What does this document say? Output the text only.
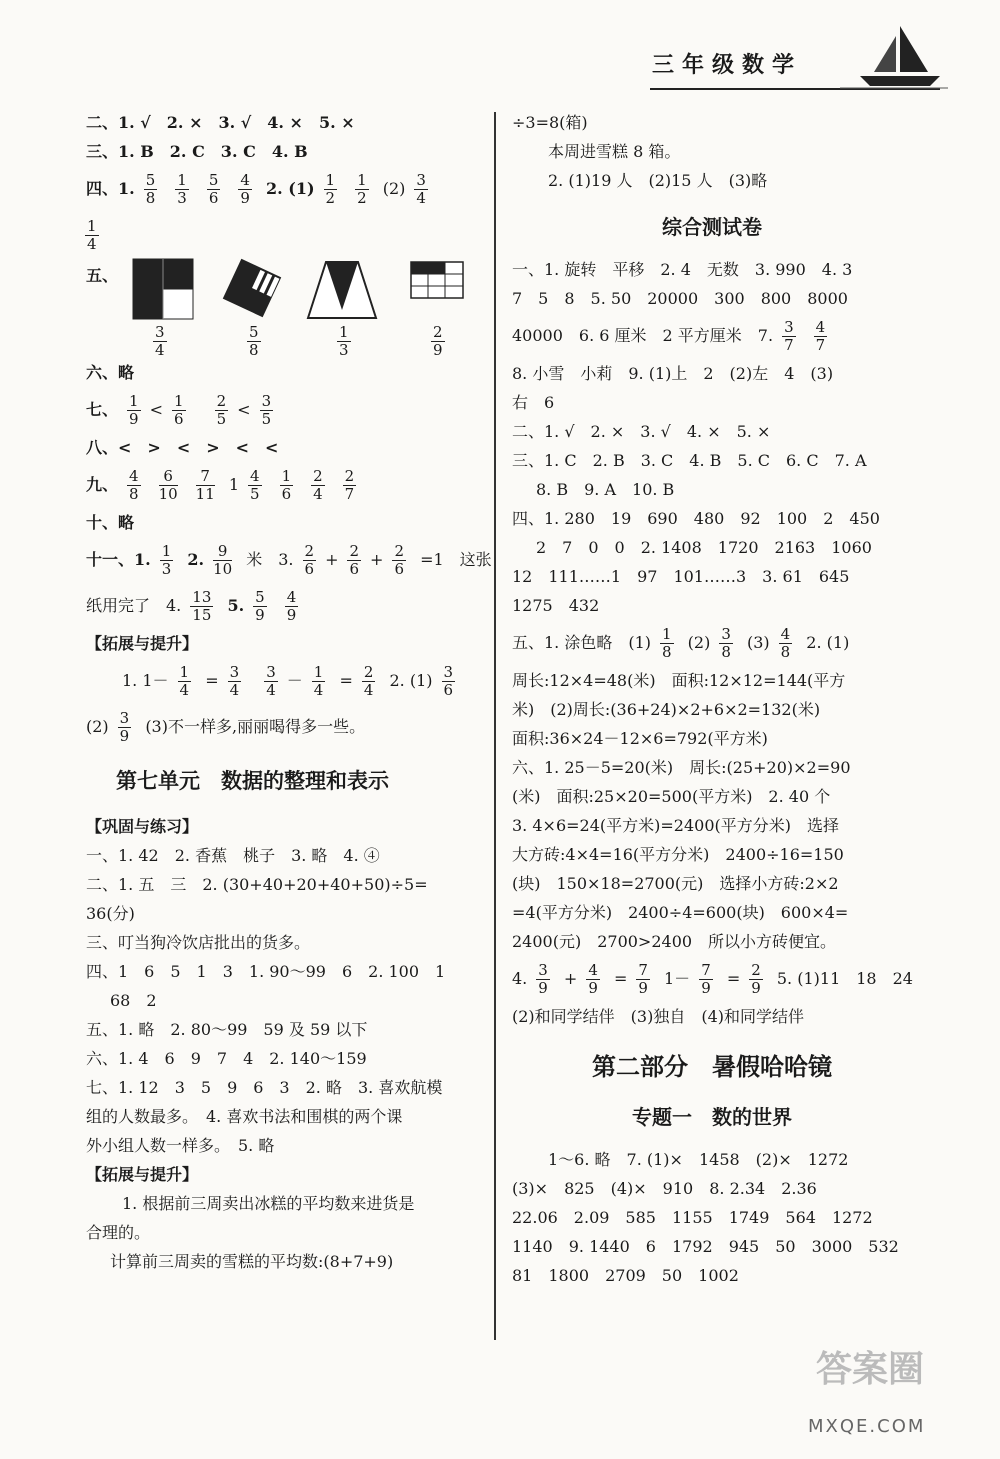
三年级数学
二、1. √　2. ×　3. √　4. ×　5. ×
三、1. B　2. C　3. C　4. B
四、1. $\frac{5}{8} \frac{1}{3} \frac{5}{6} \frac{4}{9} 2$. $(1) \frac{1}{2} \frac{1}{2} (2) \frac{3}{4}$
$\frac{1}{4}$
五、
$\frac{3}{4}$	$\frac{5}{8}$	$\frac{1}{3}$	$\frac{2}{9}$
六、略
七、 $\frac{1}{9} < \frac{1}{6}$
$\frac{2}{5} < \frac{3}{5}$
八、<　>　<　>　<　<
九、 $\frac{4}{8} \frac{6}{10} \frac{7}{11} 1 \frac{4}{5} \frac{1}{6} \frac{2}{4} \frac{2}{7}$
十、略
十一、1. $\frac{1}{3} 2$. $\frac{9}{10}$ 米　3. $\frac{2}{6} + \frac{2}{6} + \frac{2}{6} =1$　这张
纸用完了　4. $\frac{13}{15} 5$. $\frac{5}{9} \frac{4}{9}$
【拓展与提升】
1. $1- \frac{1}{4} = \frac{3}{4}$
$\frac{3}{4} - \frac{1}{4} = \frac{2}{4} 2$. $(1) \frac{3}{6}$
$(2) \frac{3}{9} (3)$不一样多,丽丽喝得多一些。
第七单元　数据的整理和表示
【巩固与练习】
一、1. 42　2. 香蕉　桃子　3. 略　4. ④
二、1. 五　三　2. (30+40+20+40+50)÷5=
36(分)
三、叮当狗冷饮店批出的货多。
四、1　6　5　1　3　1. 90～99　6　2. 100　1
68　2
五、1. 略　2. 80～99　59 及 59 以下
六、1. 4　6　9　7　4　2. 140～159
七、1. 12　3　5　9　6　3　2. 略　3. 喜欢航模
组的人数最多。　4. 喜欢书法和围棋的两个课
外小组人数一样多。　5. 略
【拓展与提升】
1. 根据前三周卖出冰糕的平均数来进货是
合理的。
计算前三周卖的雪糕的平均数:(8+7+9)
÷3=8(箱)
本周进雪糕 8 箱。
2. (1)19 人　(2)15 人　(3)略
综合测试卷
一、1. 旋转　平移　2. 4　无数　3. 990　4. 3
7　5　8　5. 50　20000　300　800　8000
40000　6. 6 厘米　2 平方厘米　7. $\frac{3}{7} \frac{4}{7}$
8. 小雪　小莉　9. (1)上　2　(2)左　4　(3)
右　6
二、1. √　2. ×　3. √　4. ×　5. ×
三、1. C　2. B　3. C　4. B　5. C　6. C　7. A
8. B　9. A　10. B
四、1. 280　19　690　480　92　100　2　450
2　7　0　0　2. 1408　1720　2163　1060
12　111……1　97　101……3　3. 61　645
1275　432
五、1. 涂色略　$(1) \frac{1}{8} (2) \frac{3}{8} (3) \frac{4}{8} 2$. (1)
周长:12×4=48(米)　面积:12×12=144(平方
米)　(2)周长:(36+24)×2+6×2=132(米)
面积:36×24－12×6=792(平方米)
六、1. 25－5=20(米)　周长:(25+20)×2=90
(米)　面积:25×20=500(平方米)　2. 40 个
3. 4×6=24(平方米)=2400(平方分米)　选择
大方砖:4×4=16(平方分米)　2400÷16=150
(块)　150×18=2700(元)　选择小方砖:2×2
=4(平方分米)　2400÷4=600(块)　600×4=
2400(元)　2700>2400　所以小方砖便宜。
4. $\frac{3}{9} + \frac{4}{9} = \frac{7}{9} 1- \frac{7}{9} = \frac{2}{9} 5$. (1)11　18　24
(2)和同学结伴　(3)独自　(4)和同学结伴
第二部分　暑假哈哈镜
专题一　数的世界
1～6. 略　7. (1)×　1458　(2)×　1272
(3)×　825　(4)×　910　8. 2.34　2.36
22.06　2.09　585　1155　1749　564　1272
1140　9. 1440　6　1792　945　50　3000　532
81　1800　2709　50　1002
答案圈
MXQE.COM
